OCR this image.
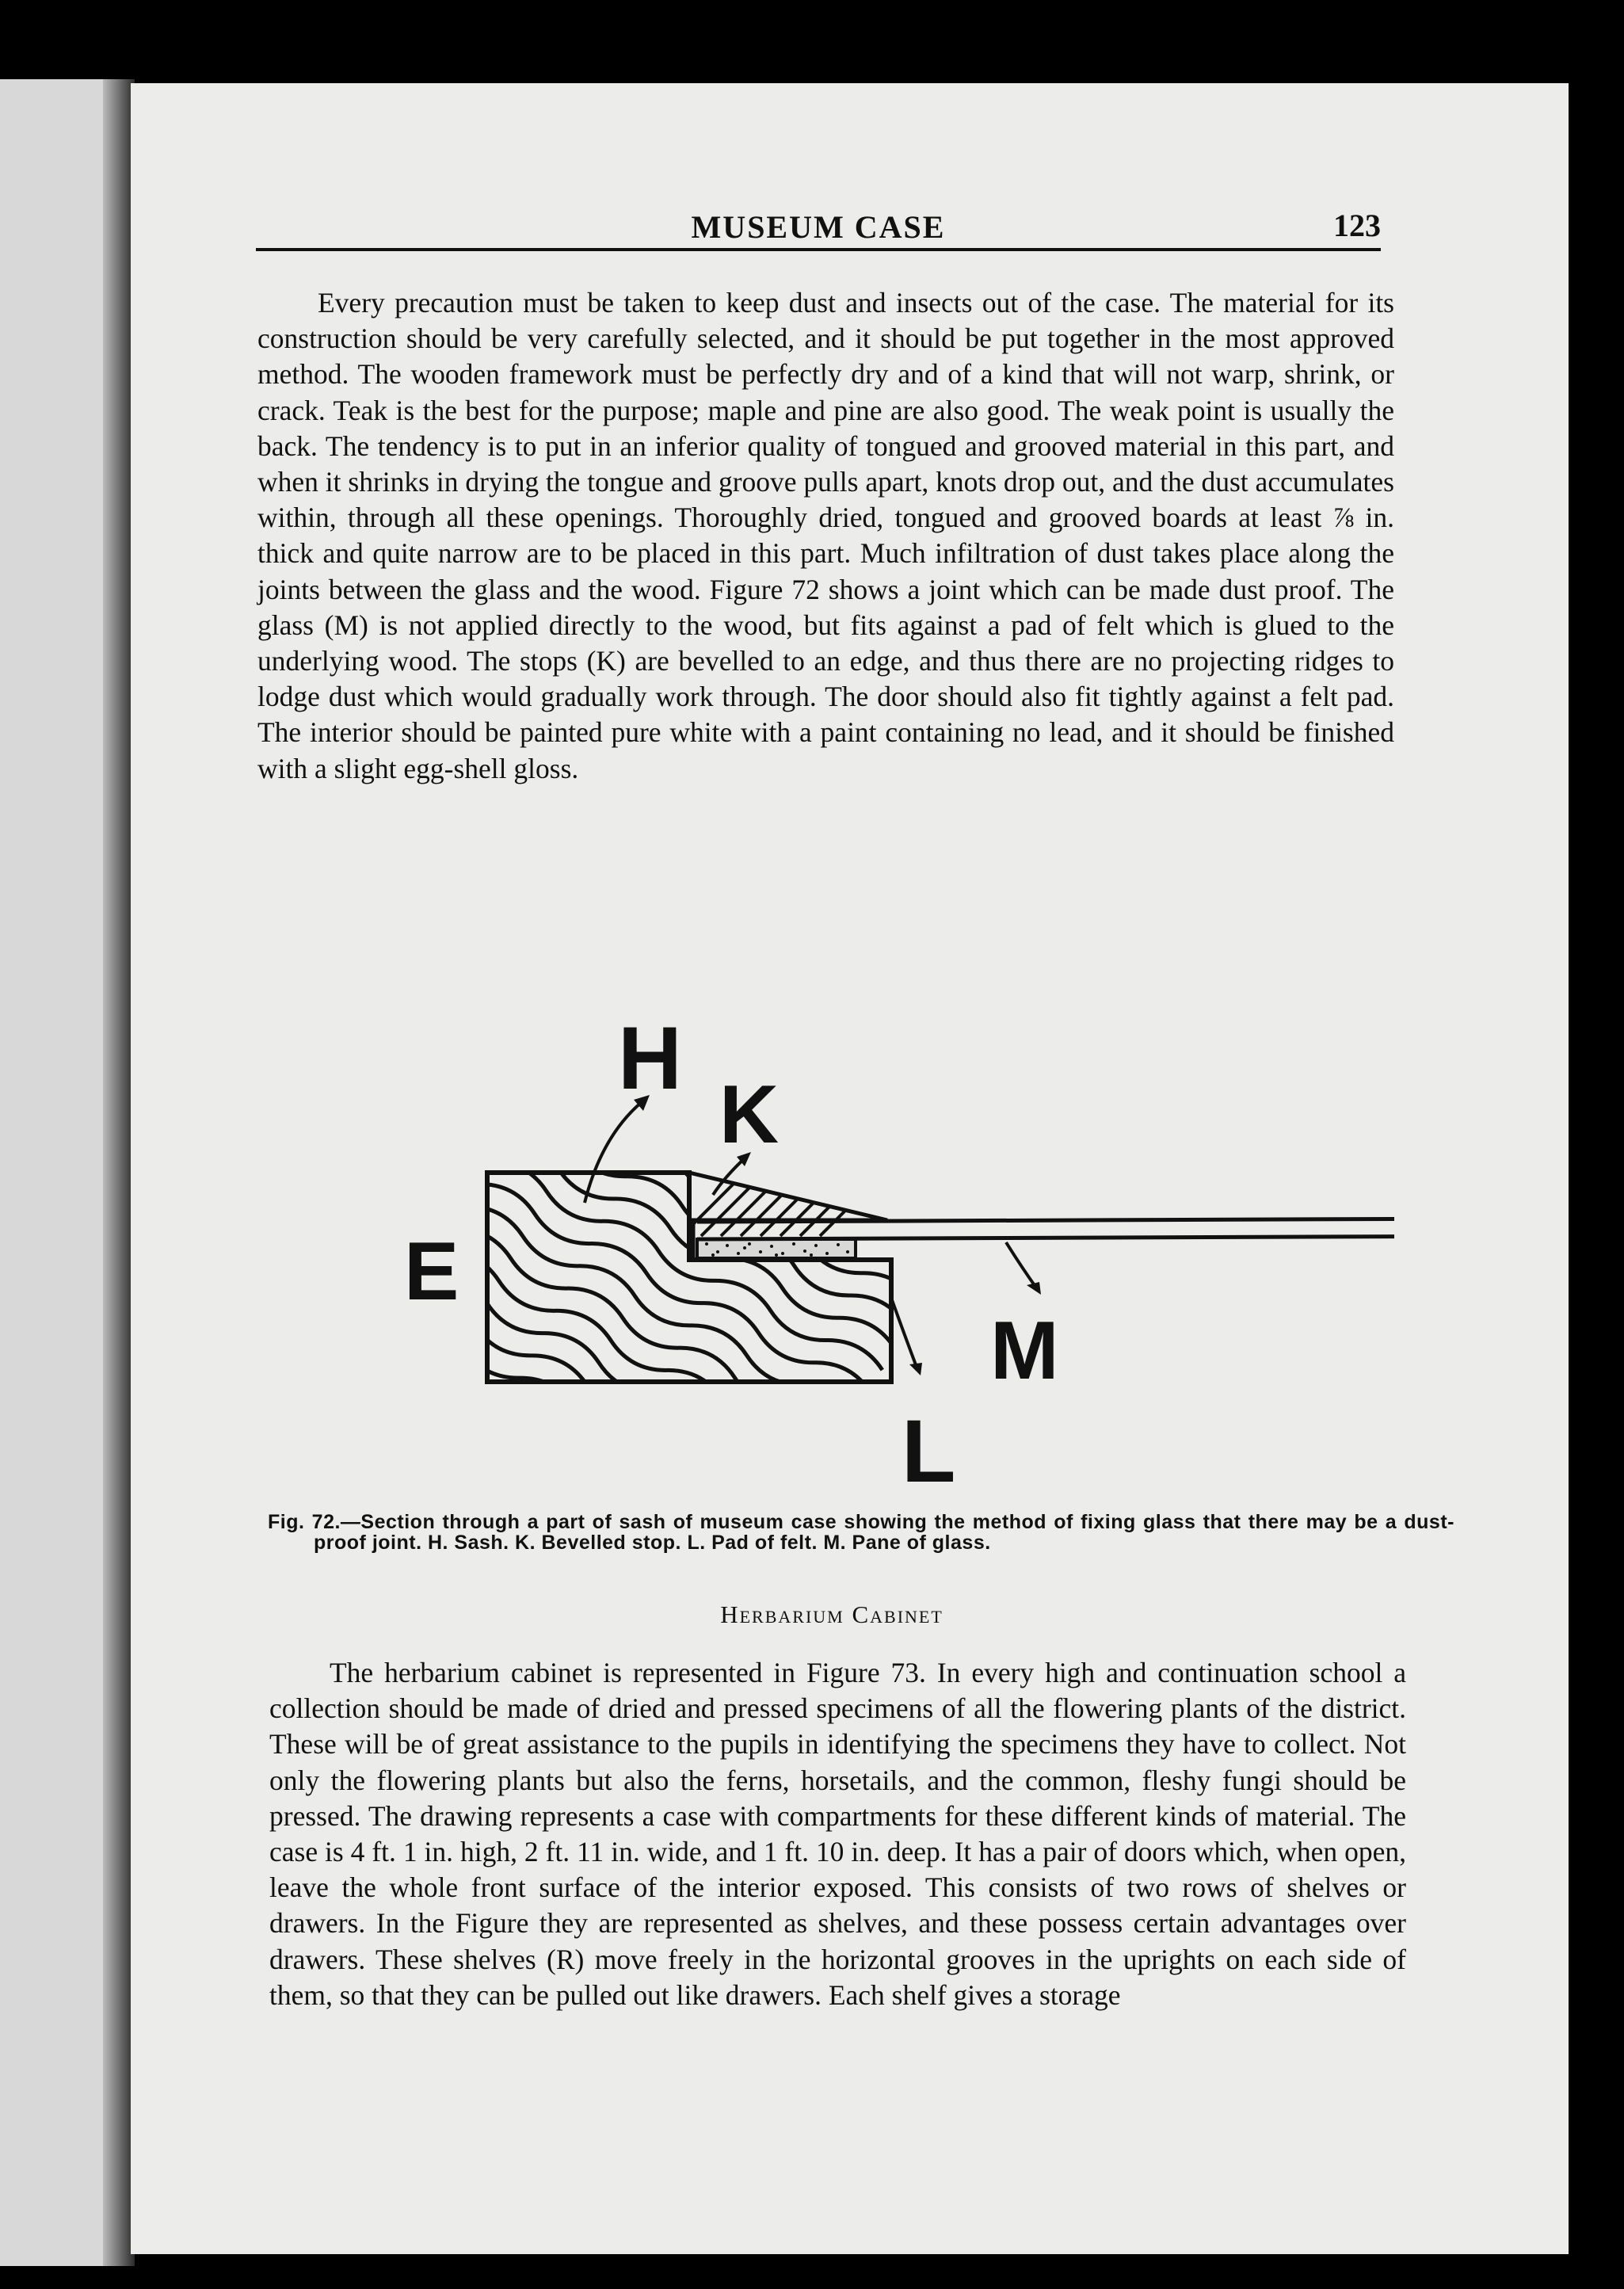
MUSEUM CASE	123

Every precaution must be taken to keep dust and insects out of the case. The material for its construction should be very carefully selected, and it should be put together in the most approved method. The wooden framework must be perfectly dry and of a kind that will not warp, shrink, or crack. Teak is the best for the purpose; maple and pine are also good. The weak point is usually the back. The tendency is to put in an inferior quality of tongued and grooved material in this part, and when it shrinks in drying the tongue and groove pulls apart, knots drop out, and the dust accumulates within, through all these openings. Thoroughly dried, tongued and grooved boards at least ⅞ in. thick and quite narrow are to be placed in this part. Much infiltration of dust takes place along the joints between the glass and the wood. Figure 72 shows a joint which can be made dust proof. The glass (M) is not applied directly to the wood, but fits against a pad of felt which is glued to the underlying wood. The stops (K) are bevelled to an edge, and thus there are no projecting ridges to lodge dust which would gradually work through. The door should also fit tightly against a felt pad. The interior should be painted pure white with a paint containing no lead, and it should be finished with a slight egg-shell gloss.

H
K
E
M
L

Fig. 72.—Section through a part of sash of museum case showing the method of fixing glass that there may be a dust-proof joint. H. Sash. K. Bevelled stop. L. Pad of felt. M. Pane of glass.

Herbarium Cabinet

The herbarium cabinet is represented in Figure 73. In every high and continuation school a collection should be made of dried and pressed specimens of all the flowering plants of the district. These will be of great assistance to the pupils in identifying the specimens they have to collect. Not only the flowering plants but also the ferns, horsetails, and the common, fleshy fungi should be pressed. The drawing represents a case with compartments for these different kinds of material. The case is 4 ft. 1 in. high, 2 ft. 11 in. wide, and 1 ft. 10 in. deep. It has a pair of doors which, when open, leave the whole front surface of the interior exposed. This consists of two rows of shelves or drawers. In the Figure they are represented as shelves, and these possess certain advantages over drawers. These shelves (R) move freely in the horizontal grooves in the uprights on each side of them, so that they can be pulled out like drawers. Each shelf gives a storage
